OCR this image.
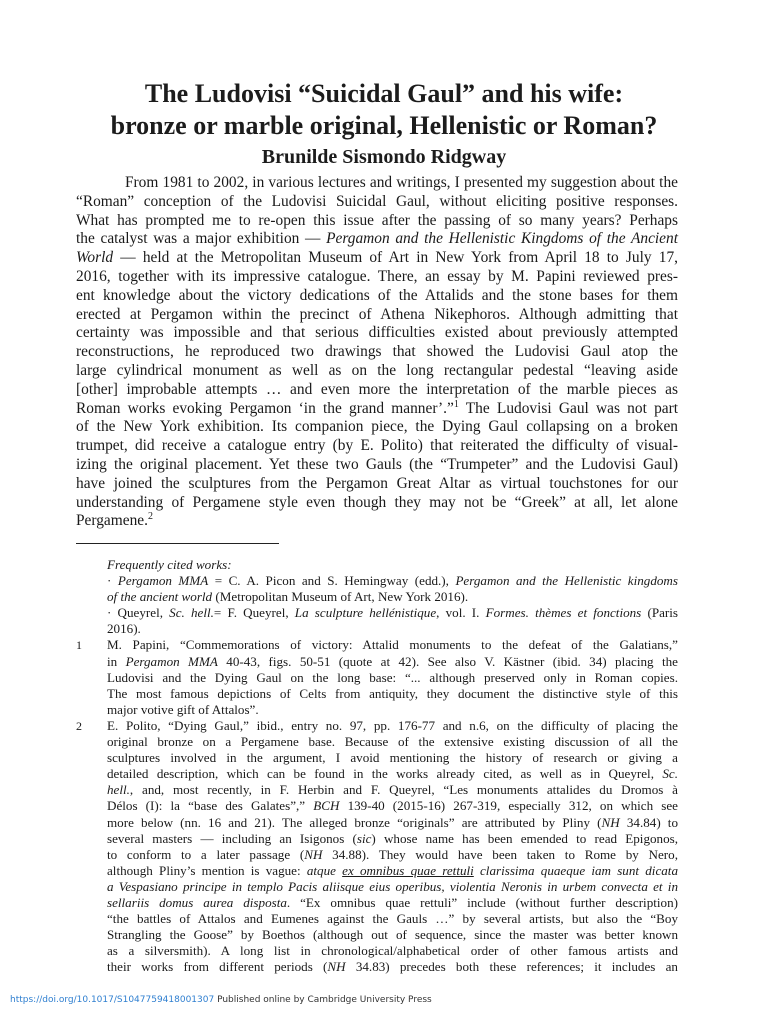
The Ludovisi “Suicidal Gaul” and his wife:
bronze or marble original, Hellenistic or Roman?
Brunilde Sismondo Ridgway
From 1981 to 2002, in various lectures and writings, I presented my suggestion about the
“Roman” conception of the Ludovisi Suicidal Gaul, without eliciting positive responses.
What has prompted me to re-open this issue after the passing of so many years? Perhaps
the catalyst was a major exhibition — Pergamon and the Hellenistic Kingdoms of the Ancient
World — held at the Metropolitan Museum of Art in New York from April 18 to July 17,
2016, together with its impressive catalogue. There, an essay by M. Papini reviewed pres-
ent knowledge about the victory dedications of the Attalids and the stone bases for them
erected at Pergamon within the precinct of Athena Nikephoros. Although admitting that
certainty was impossible and that serious difficulties existed about previously attempted
reconstructions, he reproduced two drawings that showed the Ludovisi Gaul atop the
large cylindrical monument as well as on the long rectangular pedestal “leaving aside
[other] improbable attempts … and even more the interpretation of the marble pieces as
Roman works evoking Pergamon ‘in the grand manner’.”$^1$ The Ludovisi Gaul was not part
of the New York exhibition. Its companion piece, the Dying Gaul collapsing on a broken
trumpet, did receive a catalogue entry (by E. Polito) that reiterated the difficulty of visual-
izing the original placement. Yet these two Gauls (the “Trumpeter” and the Ludovisi Gaul)
have joined the sculptures from the Pergamon Great Altar as virtual touchstones for our
understanding of Pergamene style even though they may not be “Greek” at all, let alone
Pergamene.$^2$
Frequently cited works:
· Pergamon MMA = C. A. Picon and S. Hemingway (edd.), Pergamon and the Hellenistic kingdoms
of the ancient world (Metropolitan Museum of Art, New York 2016).
· Queyrel, Sc. hell.= F. Queyrel, La sculpture hellénistique, vol. I. Formes. thèmes et fonctions (Paris
2016).
1	M. Papini, “Commemorations of victory: Attalid monuments to the defeat of the Galatians,”
in Pergamon MMA 40-43, figs. 50-51 (quote at 42). See also V. Kästner (ibid. 34) placing the
Ludovisi and the Dying Gaul on the long base: “... although preserved only in Roman copies.
The most famous depictions of Celts from antiquity, they document the distinctive style of this
major votive gift of Attalos”.
2	E. Polito, “Dying Gaul,” ibid., entry no. 97, pp. 176-77 and n.6, on the difficulty of placing the
original bronze on a Pergamene base. Because of the extensive existing discussion of all the
sculptures involved in the argument, I avoid mentioning the history of research or giving a
detailed description, which can be found in the works already cited, as well as in Queyrel, Sc.
hell., and, most recently, in F. Herbin and F. Queyrel, “Les monuments attalides du Dromos à
Délos (I): la “base des Galates”,” BCH 139-40 (2015-16) 267-319, especially 312, on which see
more below (nn. 16 and 21). The alleged bronze “originals” are attributed by Pliny (NH 34.84) to
several masters — including an Isigonos (sic) whose name has been emended to read Epigonos,
to conform to a later passage (NH 34.88). They would have been taken to Rome by Nero,
although Pliny’s mention is vague: atque ex omnibus quae rettuli clarissima quaeque iam sunt dicata
a Vespasiano principe in templo Pacis aliisque eius operibus, violentia Neronis in urbem convecta et in
sellariis domus aurea disposta. “Ex omnibus quae rettuli” include (without further description)
“the battles of Attalos and Eumenes against the Gauls …” by several artists, but also the “Boy
Strangling the Goose” by Boethos (although out of sequence, since the master was better known
as a silversmith). A long list in chronological/alphabetical order of other famous artists and
their works from different periods (NH 34.83) precedes both these references; it includes an
https://doi.org/10.1017/S1047759418001307 Published online by Cambridge University Press
